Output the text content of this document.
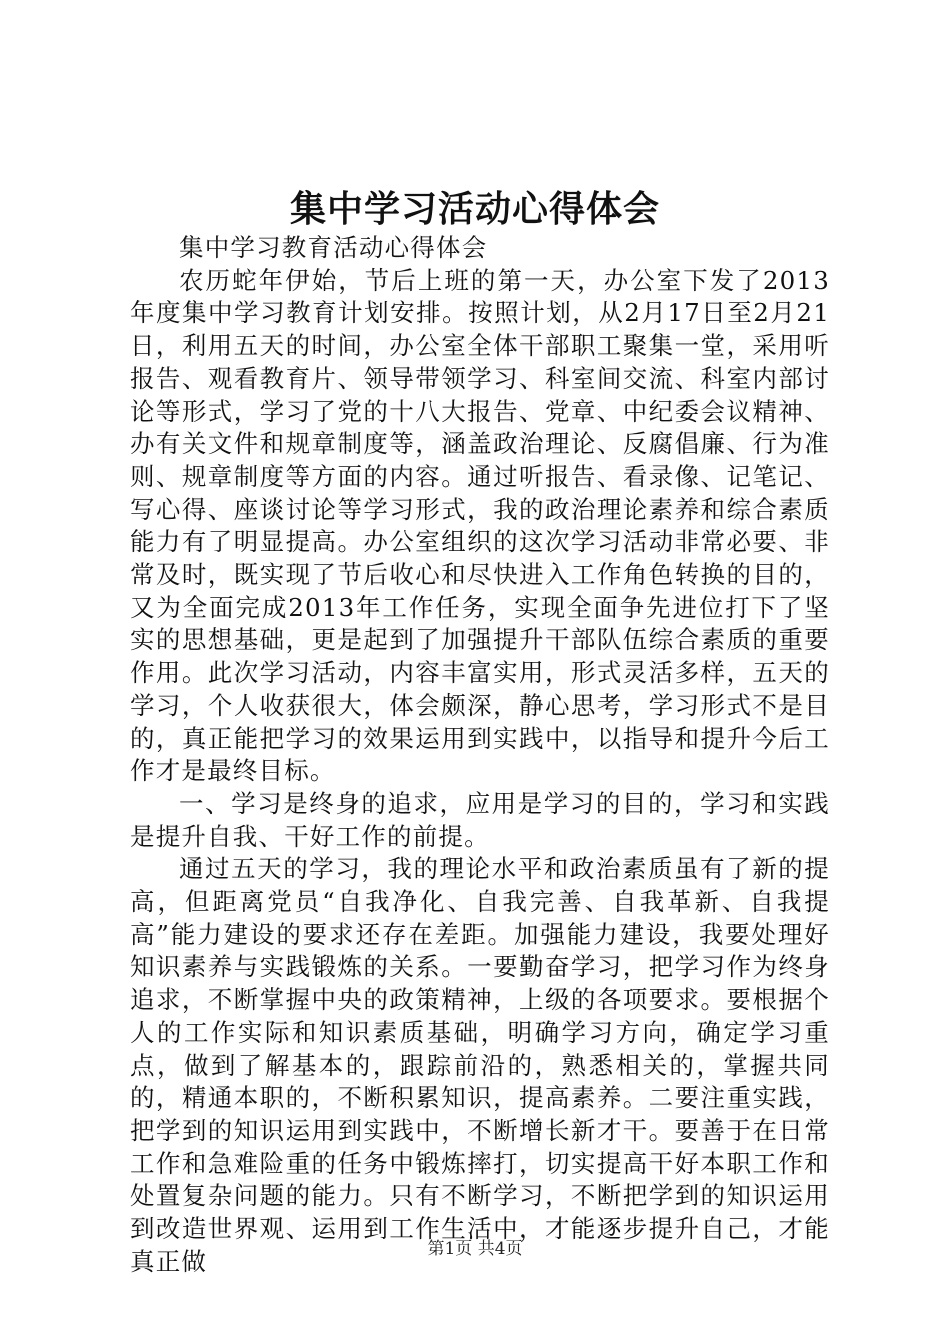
集中学习活动心得体会

集中学习教育活动心得体会

农历蛇年伊始，节后上班的第一天，办公室下发了2013年度集中学习教育计划安排。按照计划，从2月17日至2月21日，利用五天的时间，办公室全体干部职工聚集一堂，采用听报告、观看教育片、领导带领学习、科室间交流、科室内部讨论等形式，学习了党的十八大报告、党章、中纪委会议精神、办有关文件和规章制度等，涵盖政治理论、反腐倡廉、行为准则、规章制度等方面的内容。通过听报告、看录像、记笔记、写心得、座谈讨论等学习形式，我的政治理论素养和综合素质能力有了明显提高。办公室组织的这次学习活动非常必要、非常及时，既实现了节后收心和尽快进入工作角色转换的目的，又为全面完成2013年工作任务，实现全面争先进位打下了坚实的思想基础，更是起到了加强提升干部队伍综合素质的重要作用。此次学习活动，内容丰富实用，形式灵活多样，五天的学习，个人收获很大，体会颇深，静心思考，学习形式不是目的，真正能把学习的效果运用到实践中，以指导和提升今后工作才是最终目标。

一、学习是终身的追求，应用是学习的目的，学习和实践是提升自我、干好工作的前提。

通过五天的学习，我的理论水平和政治素质虽有了新的提高，但距离党员“自我净化、自我完善、自我革新、自我提高”能力建设的要求还存在差距。加强能力建设，我要处理好知识素养与实践锻炼的关系。一要勤奋学习，把学习作为终身追求，不断掌握中央的政策精神，上级的各项要求。要根据个人的工作实际和知识素质基础，明确学习方向，确定学习重点，做到了解基本的，跟踪前沿的，熟悉相关的，掌握共同的，精通本职的，不断积累知识，提高素养。二要注重实践，把学到的知识运用到实践中，不断增长新才干。要善于在日常工作和急难险重的任务中锻炼摔打，切实提高干好本职工作和处置复杂问题的能力。只有不断学习，不断把学到的知识运用到改造世界观、运用到工作生活中，才能逐步提升自己，才能真正做	第1页 共4页
